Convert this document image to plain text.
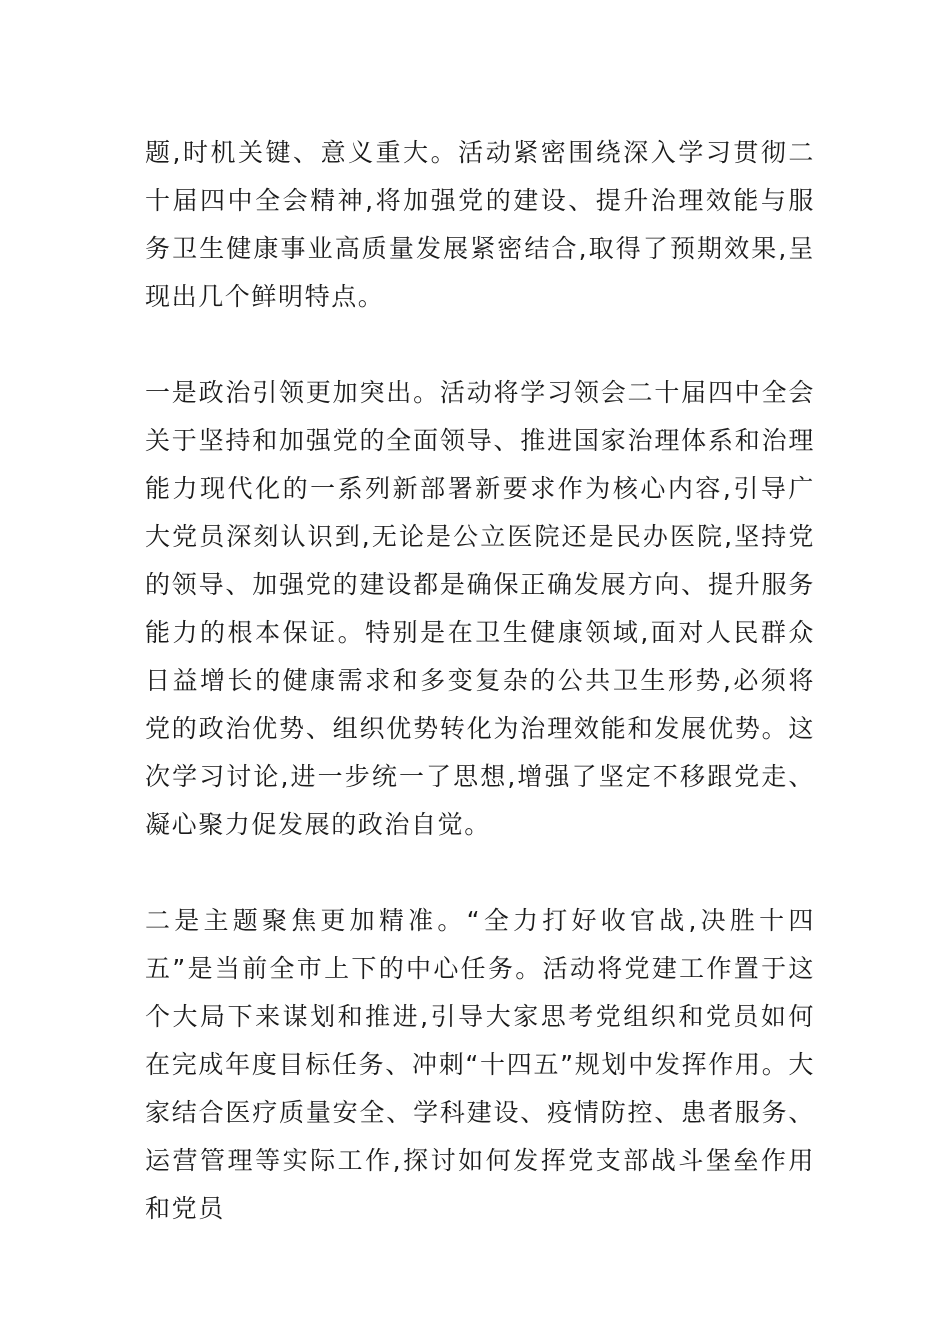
题,时机关键、意义重大。活动紧密围绕深入学习贯彻二十届四中全会精神,将加强党的建设、提升治理效能与服务卫生健康事业高质量发展紧密结合,取得了预期效果,呈现出几个鲜明特点。

一是政治引领更加突出。活动将学习领会二十届四中全会关于坚持和加强党的全面领导、推进国家治理体系和治理能力现代化的一系列新部署新要求作为核心内容,引导广大党员深刻认识到,无论是公立医院还是民办医院,坚持党的领导、加强党的建设都是确保正确发展方向、提升服务能力的根本保证。特别是在卫生健康领域,面对人民群众日益增长的健康需求和多变复杂的公共卫生形势,必须将党的政治优势、组织优势转化为治理效能和发展优势。这次学习讨论,进一步统一了思想,增强了坚定不移跟党走、凝心聚力促发展的政治自觉。

二是主题聚焦更加精准。“全力打好收官战,决胜十四五”是当前全市上下的中心任务。活动将党建工作置于这个大局下来谋划和推进,引导大家思考党组织和党员如何在完成年度目标任务、冲刺“十四五”规划中发挥作用。大家结合医疗质量安全、学科建设、疫情防控、患者服务、运营管理等实际工作,探讨如何发挥党支部战斗堡垒作用和党员
